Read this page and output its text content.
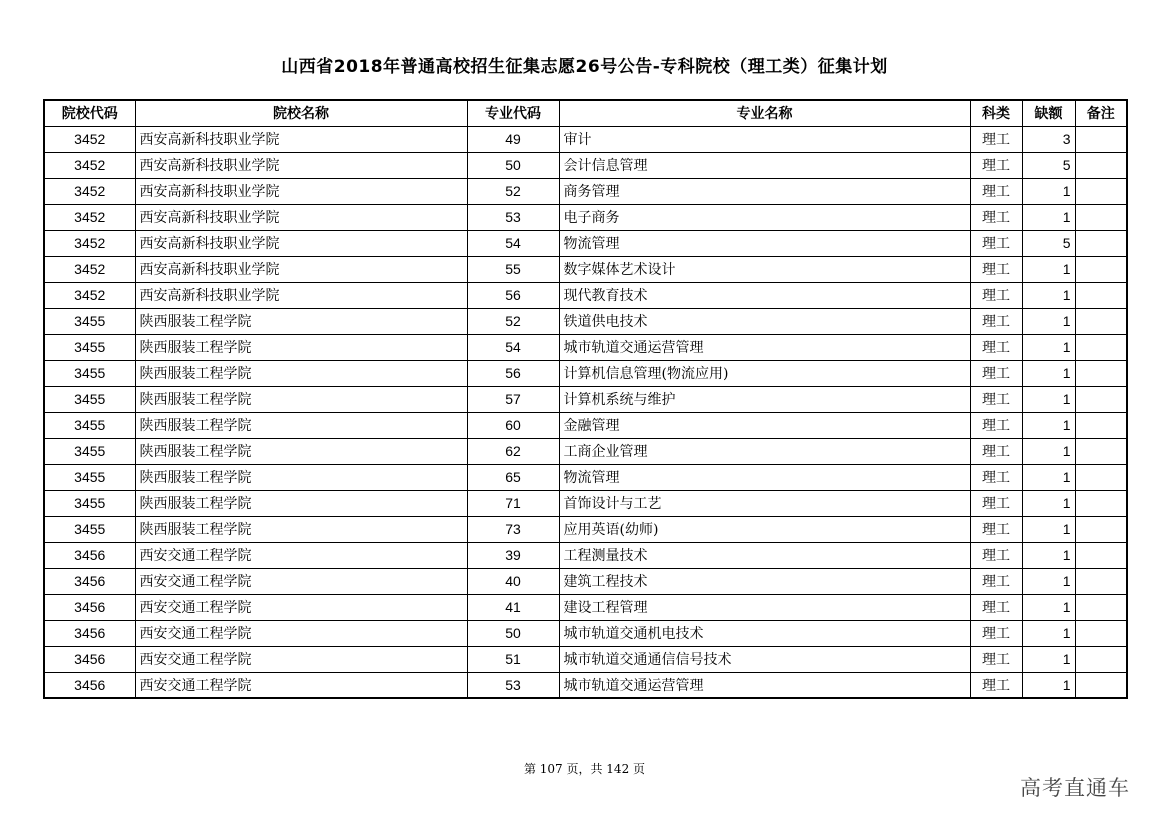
山西省2018年普通高校招生征集志愿26号公告-专科院校（理工类）征集计划
院校代码	院校名称	专业代码	专业名称	科类	缺额	备注
3452	西安高新科技职业学院	49	审计	理工	3	
3452	西安高新科技职业学院	50	会计信息管理	理工	5	
3452	西安高新科技职业学院	52	商务管理	理工	1	
3452	西安高新科技职业学院	53	电子商务	理工	1	
3452	西安高新科技职业学院	54	物流管理	理工	5	
3452	西安高新科技职业学院	55	数字媒体艺术设计	理工	1	
3452	西安高新科技职业学院	56	现代教育技术	理工	1	
3455	陕西服装工程学院	52	铁道供电技术	理工	1	
3455	陕西服装工程学院	54	城市轨道交通运营管理	理工	1	
3455	陕西服装工程学院	56	计算机信息管理(物流应用)	理工	1	
3455	陕西服装工程学院	57	计算机系统与维护	理工	1	
3455	陕西服装工程学院	60	金融管理	理工	1	
3455	陕西服装工程学院	62	工商企业管理	理工	1	
3455	陕西服装工程学院	65	物流管理	理工	1	
3455	陕西服装工程学院	71	首饰设计与工艺	理工	1	
3455	陕西服装工程学院	73	应用英语(幼师)	理工	1	
3456	西安交通工程学院	39	工程测量技术	理工	1	
3456	西安交通工程学院	40	建筑工程技术	理工	1	
3456	西安交通工程学院	41	建设工程管理	理工	1	
3456	西安交通工程学院	50	城市轨道交通机电技术	理工	1	
3456	西安交通工程学院	51	城市轨道交通通信信号技术	理工	1	
3456	西安交通工程学院	53	城市轨道交通运营管理	理工	1	
第 107 页，共 142 页
高考直通车
